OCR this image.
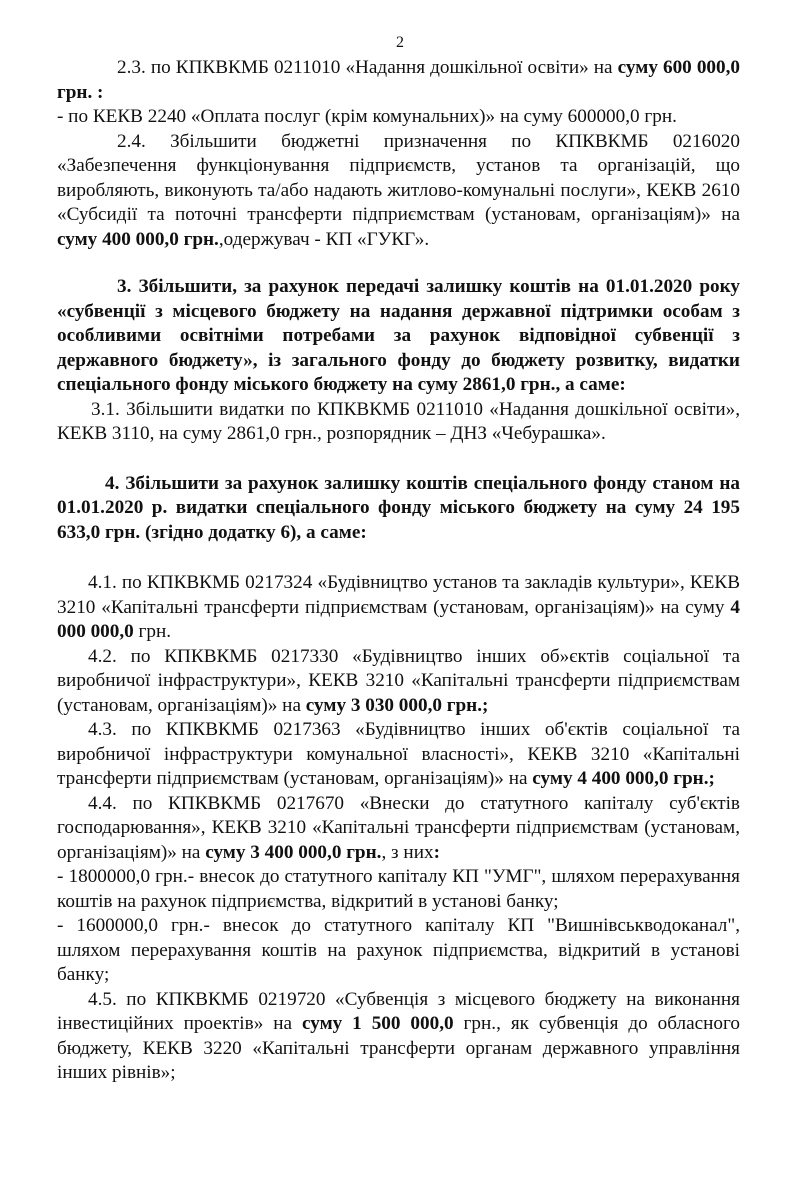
2

2.3. по КПКВКМБ 0211010 «Надання дошкільної освіти» на суму 600 000,0 грн. :

- по КЕКВ 2240 «Оплата послуг (крім комунальних)» на суму 600000,0 грн.

2.4. Збільшити бюджетні призначення по КПКВКМБ 0216020 «Забезпечення функціонування підприємств, установ та організацій, що виробляють, виконують та/або надають житлово-комунальні послуги», КЕКВ 2610 «Субсидії та поточні трансферти підприємствам (установам, організаціям)» на суму 400 000,0 грн.,одержувач - КП «ГУКГ».

3. Збільшити, за рахунок передачі залишку коштів на 01.01.2020 року «субвенції з місцевого бюджету на надання державної підтримки особам з особливими освітніми потребами за рахунок відповідної субвенції з державного бюджету», із загального фонду до бюджету розвитку, видатки спеціального фонду міського бюджету на суму 2861,0 грн., а саме:

3.1. Збільшити видатки по КПКВКМБ 0211010 «Надання дошкільної освіти», КЕКВ 3110, на суму 2861,0 грн., розпорядник – ДНЗ «Чебурашка».

4. Збільшити за рахунок залишку коштів спеціального фонду станом на 01.01.2020 р. видатки спеціального фонду міського бюджету на суму 24 195 633,0 грн. (згідно додатку 6), а саме:

4.1. по КПКВКМБ 0217324 «Будівництво установ та закладів культури», КЕКВ 3210 «Капітальні трансферти підприємствам (установам, організаціям)» на суму 4 000 000,0 грн.

4.2. по КПКВКМБ 0217330 «Будівництво інших об»єктів соціальної та виробничої інфраструктури», КЕКВ 3210 «Капітальні трансферти підприємствам (установам, організаціям)» на суму 3 030 000,0 грн.;

4.3. по КПКВКМБ 0217363 «Будівництво інших об'єктів соціальної та виробничої інфраструктури комунальної власності», КЕКВ 3210 «Капітальні трансферти підприємствам (установам, організаціям)» на суму 4 400 000,0 грн.;

4.4. по КПКВКМБ 0217670 «Внески до статутного капіталу суб'єктів господарювання», КЕКВ 3210 «Капітальні трансферти підприємствам (установам, організаціям)» на суму 3 400 000,0 грн., з них:

- 1800000,0 грн.- внесок до статутного капіталу КП "УМГ", шляхом перерахування коштів на рахунок підприємства, відкритий в установі банку;

- 1600000,0 грн.- внесок до статутного капіталу КП "Вишнівськводоканал", шляхом перерахування коштів на рахунок підприємства, відкритий в установі банку;

4.5. по КПКВКМБ 0219720 «Субвенція з місцевого бюджету на виконання інвестиційних проектів» на суму 1 500 000,0 грн., як субвенція до обласного бюджету, КЕКВ 3220 «Капітальні трансферти органам державного управління інших рівнів»;
